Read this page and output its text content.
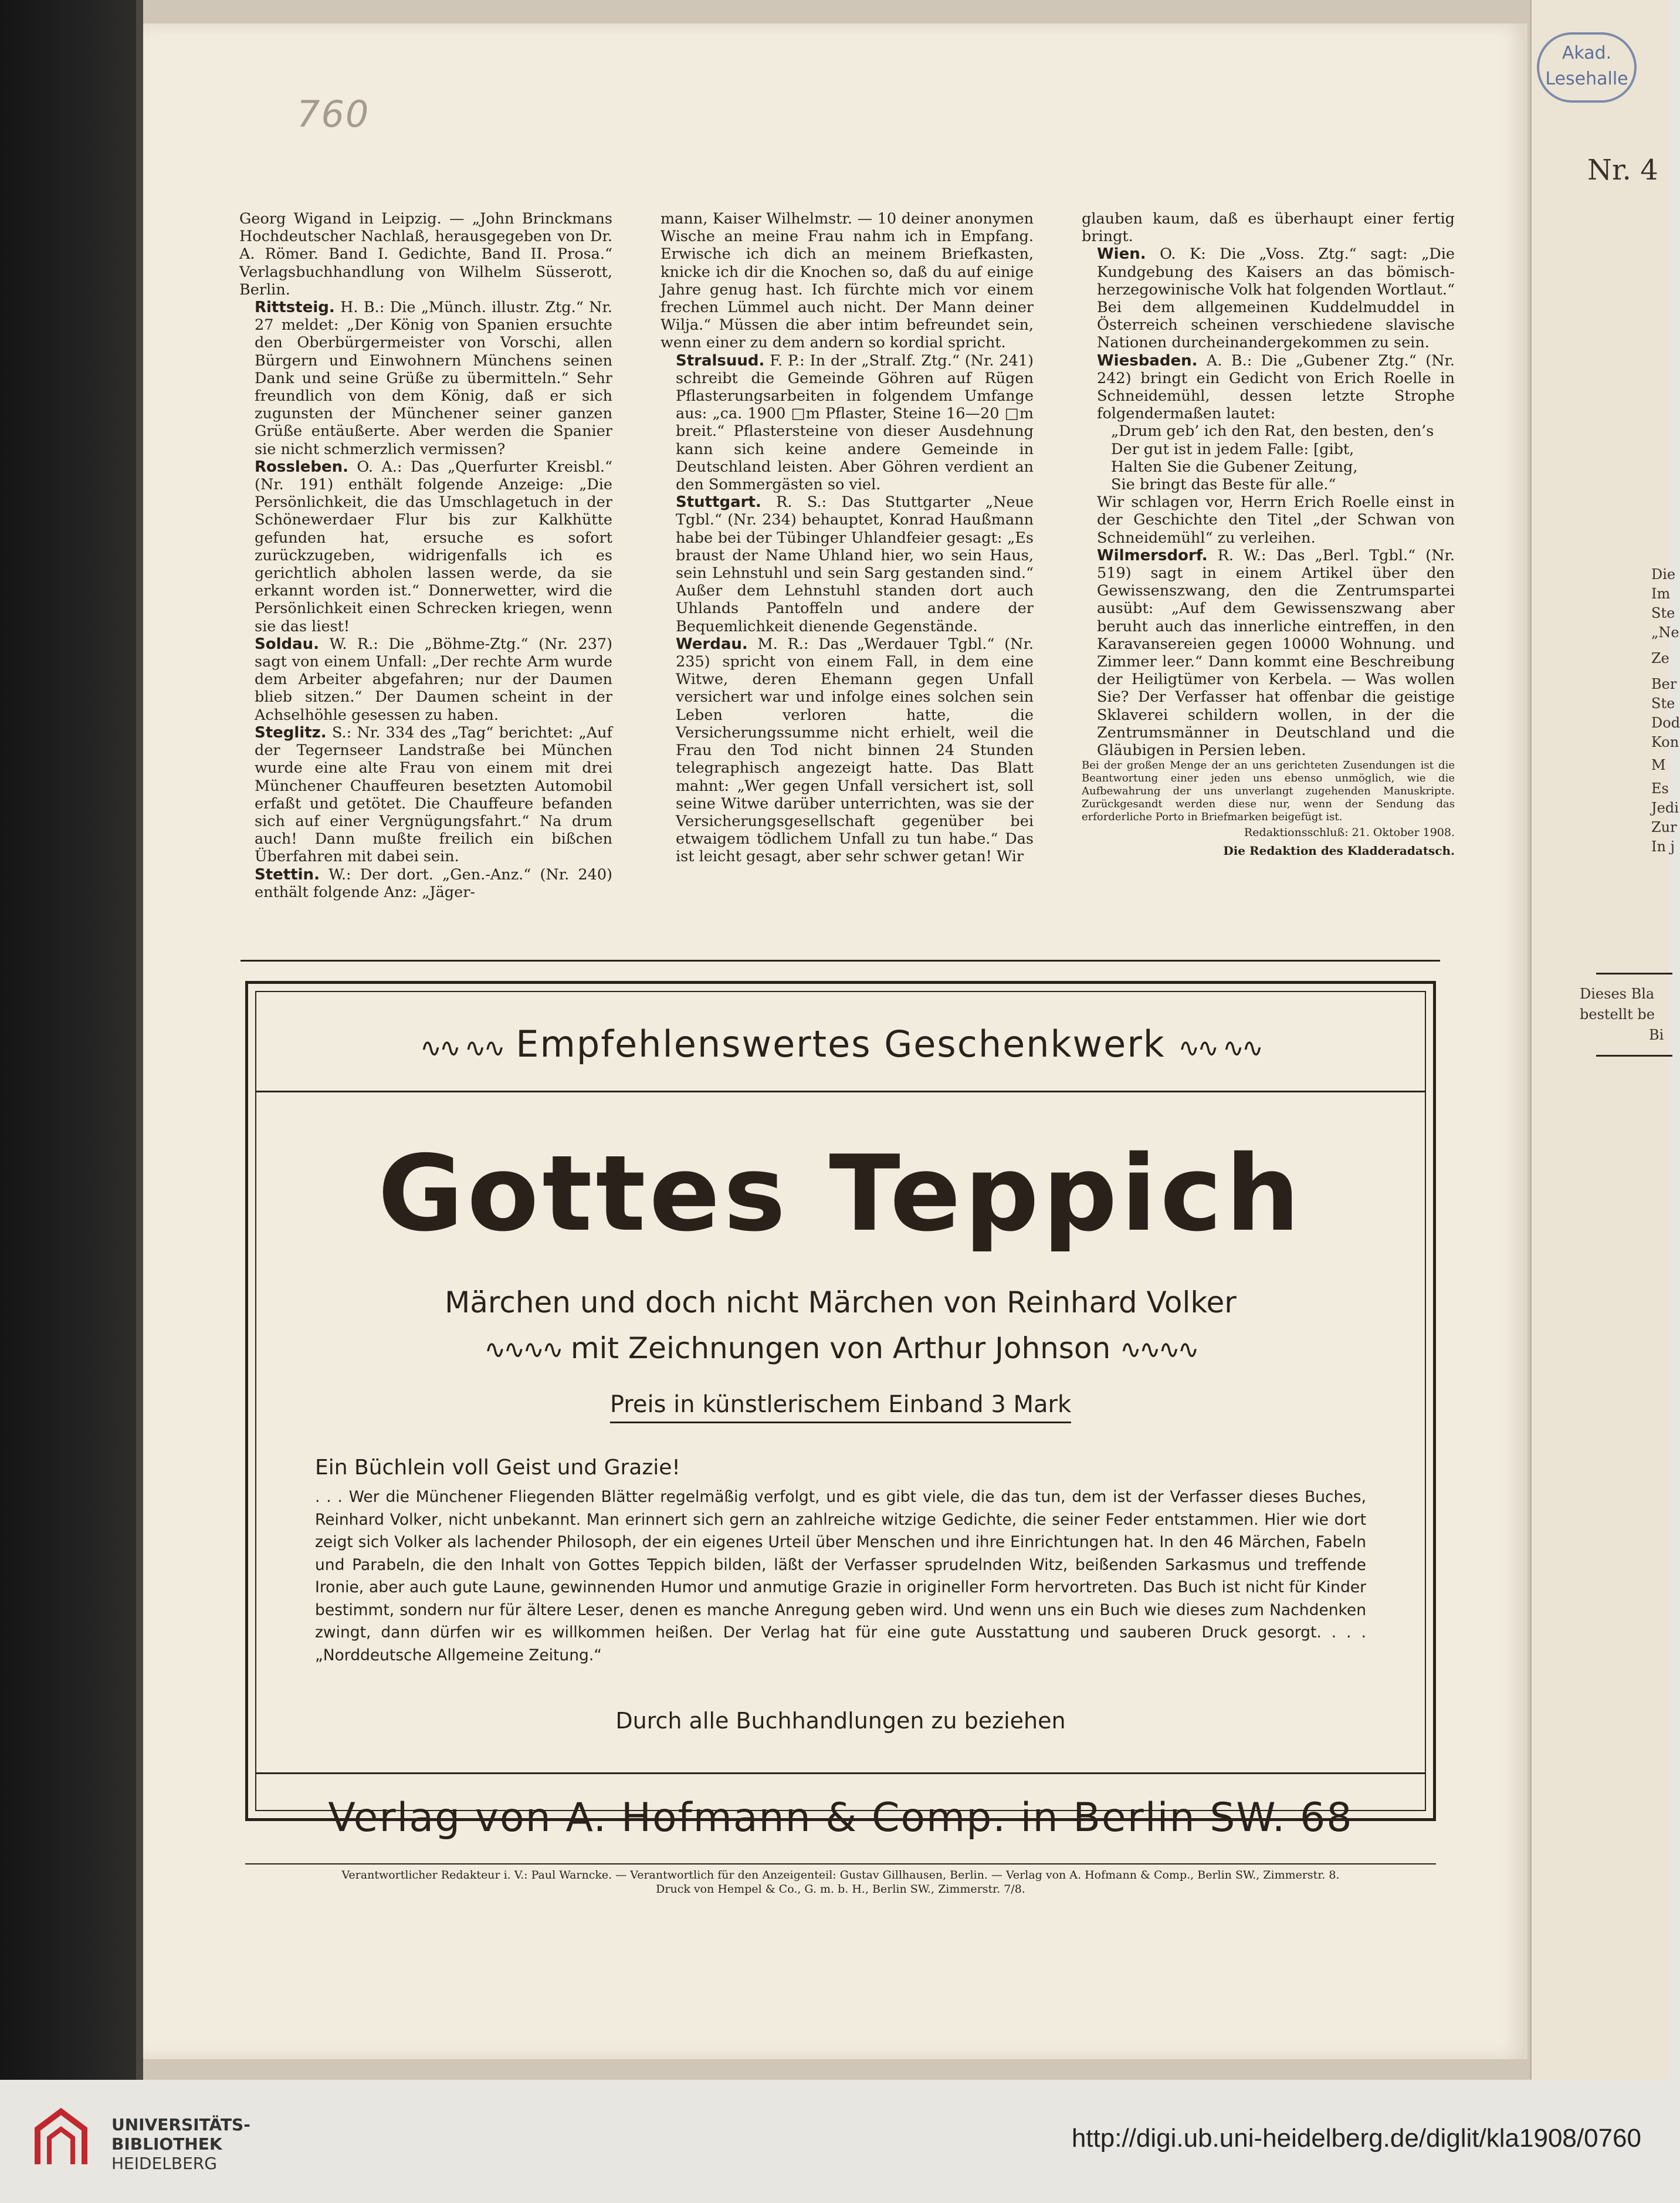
760

Georg Wigand in Leipzig. — „John Brinckmans Hochdeutscher Nachlaß, herausgegeben von Dr. A. Römer. Band I. Gedichte, Band II. Prosa.“ Verlagsbuchhandlung von Wilhelm Süsserott, Berlin.

Rittsteig. H. B.: Die „Münch. illustr. Ztg.“ Nr. 27 meldet: „Der König von Spanien ersuchte den Oberbürgermeister von Vorschi, allen Bürgern und Einwohnern Münchens seinen Dank und seine Grüße zu übermitteln.“ Sehr freundlich von dem König, daß er sich zugunsten der Münchener seiner ganzen Grüße entäußerte. Aber werden die Spanier sie nicht schmerzlich vermissen?

Rossleben. O. A.: Das „Querfurter Kreisbl.“ (Nr. 191) enthält folgende Anzeige: „Die Persönlichkeit, die das Umschlagetuch in der Schönewerdaer Flur bis zur Kalkhütte gefunden hat, ersuche es sofort zurückzugeben, widrigenfalls ich es gerichtlich abholen lassen werde, da sie erkannt worden ist.“ Donnerwetter, wird die Persönlichkeit einen Schrecken kriegen, wenn sie das liest!

Soldau. W. R.: Die „Böhme-Ztg.“ (Nr. 237) sagt von einem Unfall: „Der rechte Arm wurde dem Arbeiter abgefahren; nur der Daumen blieb sitzen.“ Der Daumen scheint in der Achselhöhle gesessen zu haben.

Steglitz. S.: Nr. 334 des „Tag“ berichtet: „Auf der Tegernseer Landstraße bei München wurde eine alte Frau von einem mit drei Münchener Chauffeuren besetzten Automobil erfaßt und getötet. Die Chauffeure befanden sich auf einer Vergnügungsfahrt.“ Na drum auch! Dann mußte freilich ein bißchen Überfahren mit dabei sein.

Stettin. W.: Der dort. „Gen.-Anz.“ (Nr. 240) enthält folgende Anz: „Jäger-

mann, Kaiser Wilhelmstr. — 10 deiner anonymen Wische an meine Frau nahm ich in Empfang. Erwische ich dich an meinem Briefkasten, knicke ich dir die Knochen so, daß du auf einige Jahre genug hast. Ich fürchte mich vor einem frechen Lümmel auch nicht. Der Mann deiner Wilja.“ Müssen die aber intim befreundet sein, wenn einer zu dem andern so kordial spricht.

Stralsuud. F. P.: In der „Stralf. Ztg.“ (Nr. 241) schreibt die Gemeinde Göhren auf Rügen Pflasterungsarbeiten in folgendem Umfange aus: „ca. 1900 □m Pflaster, Steine 16—20 □m breit.“ Pflastersteine von dieser Ausdehnung kann sich keine andere Gemeinde in Deutschland leisten. Aber Göhren verdient an den Sommergästen so viel.

Stuttgart. R. S.: Das Stuttgarter „Neue Tgbl.“ (Nr. 234) behauptet, Konrad Haußmann habe bei der Tübinger Uhlandfeier gesagt: „Es braust der Name Uhland hier, wo sein Haus, sein Lehnstuhl und sein Sarg gestanden sind.“ Außer dem Lehnstuhl standen dort auch Uhlands Pantoffeln und andere der Bequemlichkeit dienende Gegenstände.

Werdau. M. R.: Das „Werdauer Tgbl.“ (Nr. 235) spricht von einem Fall, in dem eine Witwe, deren Ehemann gegen Unfall versichert war und infolge eines solchen sein Leben verloren hatte, die Versicherungssumme nicht erhielt, weil die Frau den Tod nicht binnen 24 Stunden telegraphisch angezeigt hatte. Das Blatt mahnt: „Wer gegen Unfall versichert ist, soll seine Witwe darüber unterrichten, was sie der Versicherungsgesellschaft gegenüber bei etwaigem tödlichem Unfall zu tun habe.“ Das ist leicht gesagt, aber sehr schwer getan! Wir

glauben kaum, daß es überhaupt einer fertig bringt.

Wien. O. K: Die „Voss. Ztg.“ sagt: „Die Kundgebung des Kaisers an das bömisch-herzegowinische Volk hat folgenden Wortlaut.“ Bei dem allgemeinen Kuddelmuddel in Österreich scheinen verschiedene slavische Nationen durcheinandergekommen zu sein.

Wiesbaden. A. B.: Die „Gubener Ztg.“ (Nr. 242) bringt ein Gedicht von Erich Roelle in Schneidemühl, dessen letzte Strophe folgendermaßen lautet:

„Drum geb’ ich den Rat, den besten, den’s
Der gut ist in jedem Falle: [gibt,
Halten Sie die Gubener Zeitung,
Sie bringt das Beste für alle.“

Wir schlagen vor, Herrn Erich Roelle einst in der Geschichte den Titel „der Schwan von Schneidemühl“ zu verleihen.

Wilmersdorf. R. W.: Das „Berl. Tgbl.“ (Nr. 519) sagt in einem Artikel über den Gewissenszwang, den die Zentrumspartei ausübt: „Auf dem Gewissenszwang aber beruht auch das innerliche eintreffen, in den Karavansereien gegen 10000 Wohnung. und Zimmer leer.“ Dann kommt eine Beschreibung der Heiligtümer von Kerbela. — Was wollen Sie? Der Verfasser hat offenbar die geistige Sklaverei schildern wollen, in der die Zentrumsmänner in Deutschland und die Gläubigen in Persien leben.

Bei der großen Menge der an uns gerichteten Zusendungen ist die Beantwortung einer jeden uns ebenso unmöglich, wie die Aufbewahrung der uns unverlangt zugehenden Manuskripte. Zurückgesandt werden diese nur, wenn der Sendung das erforderliche Porto in Briefmarken beigefügt ist.

Redaktionsschluß: 21. Oktober 1908.

Die Redaktion des Kladderadatsch.

Nr. 4
Die
Im
Ste
„Ne
Ze
Ber
Ste
Dod
Kon
M
Es
Jedi
Zur
In j
Dieses Bla
bestellt be
Bi
Akad.
Lesehalle
∿∿ ∿∿ Empfehlenswertes Geschenkwerk ∿∿ ∿∿
Gottes Teppich
Märchen und doch nicht Märchen von Reinhard Volker
∿∿∿∿ mit Zeichnungen von Arthur Johnson ∿∿∿∿
Preis in künstlerischem Einband 3 Mark
Ein Büchlein voll Geist und Grazie!
. . . Wer die Münchener Fliegenden Blätter regelmäßig verfolgt, und es gibt viele, die das tun, dem ist der Verfasser dieses Buches, Reinhard Volker, nicht unbekannt. Man erinnert sich gern an zahlreiche witzige Gedichte, die seiner Feder entstammen. Hier wie dort zeigt sich Volker als lachender Philosoph, der ein eigenes Urteil über Menschen und ihre Einrichtungen hat. In den 46 Märchen, Fabeln und Parabeln, die den Inhalt von Gottes Teppich bilden, läßt der Verfasser sprudelnden Witz, beißenden Sarkasmus und treffende Ironie, aber auch gute Laune, gewinnenden Humor und anmutige Grazie in origineller Form hervortreten. Das Buch ist nicht für Kinder bestimmt, sondern nur für ältere Leser, denen es manche Anregung geben wird. Und wenn uns ein Buch wie dieses zum Nachdenken zwingt, dann dürfen wir es willkommen heißen. Der Verlag hat für eine gute Ausstattung und sauberen Druck gesorgt. . . . „Norddeutsche Allgemeine Zeitung.“
Durch alle Buchhandlungen zu beziehen
Verlag von A. Hofmann & Comp. in Berlin SW. 68
Verantwortlicher Redakteur i. V.: Paul Warncke. — Verantwortlich für den Anzeigenteil: Gustav Gillhausen, Berlin. — Verlag von A. Hofmann & Comp., Berlin SW., Zimmerstr. 8.
Druck von Hempel & Co., G. m. b. H., Berlin SW., Zimmerstr. 7/8.
UNIVERSITÄTS-
BIBLIOTHEK
HEIDELBERG
http://digi.ub.uni-heidelberg.de/diglit/kla1908/0760
